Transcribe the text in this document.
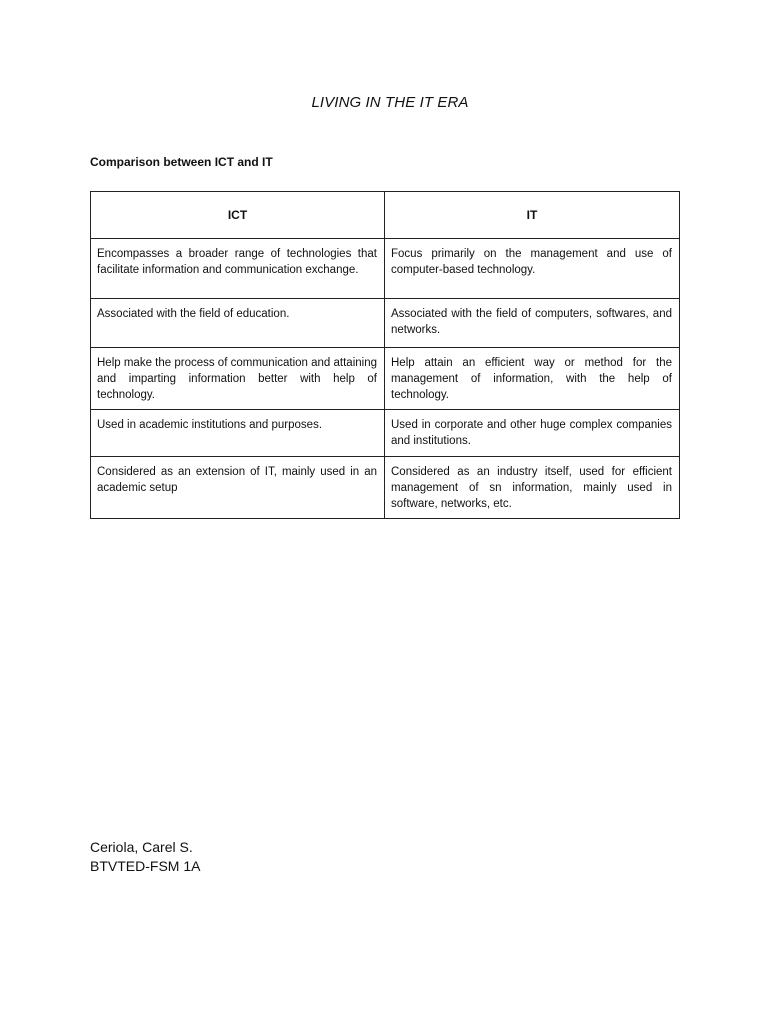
LIVING IN THE IT ERA
Comparison between ICT and IT
ICT	IT
Encompasses a broader range of technologies that facilitate information and communication exchange.	Focus primarily on the management and use of computer-based technology.
Associated with the field of education.	Associated with the field of computers, softwares, and networks.
Help make the process of communication and attaining and imparting information better with help of technology.	Help attain an efficient way or method for the management of information, with the help of technology.
Used in academic institutions and purposes.	Used in corporate and other huge complex companies and institutions.
Considered as an extension of IT, mainly used in an academic setup	Considered as an industry itself, used for efficient management of sn information, mainly used in software, networks, etc.
Ceriola, Carel S.
BTVTED-FSM 1A
